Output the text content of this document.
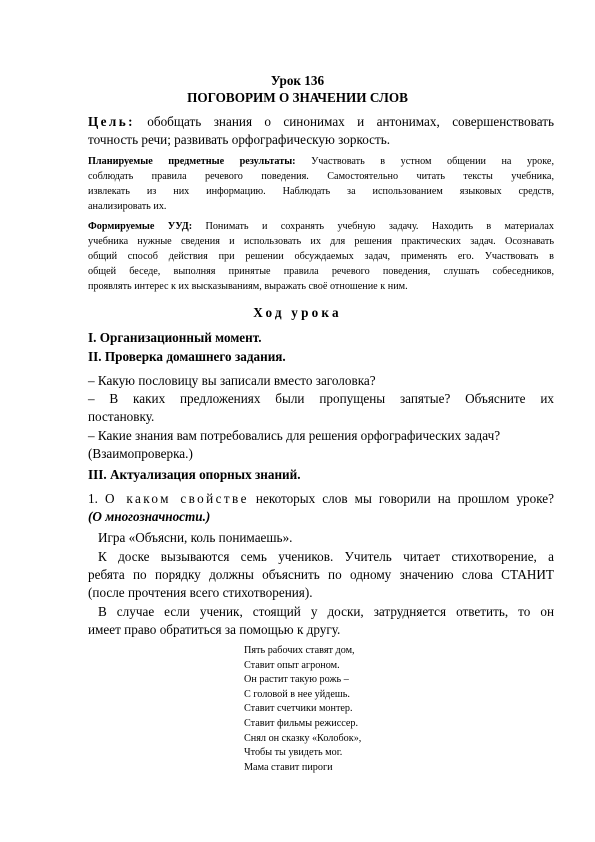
Урок 136
ПОГОВОРИМ О ЗНАЧЕНИИ СЛОВ
Цель: обобщать знания о синонимах и антонимах, совершенствовать
точность речи; развивать орфографическую зоркость.
Планируемые предметные результаты: Участвовать в устном общении на уроке,
соблюдать правила речевого поведения. Самостоятельно читать тексты учебника,
извлекать из них информацию. Наблюдать за использованием языковых средств,
анализировать их.
Формируемые УУД: Понимать и сохранять учебную задачу. Находить в материалах
учебника нужные сведения и использовать их для решения практических задач. Осознавать
общий способ действия при решении обсуждаемых задач, применять его. Участвовать в
общей беседе, выполняя принятые правила речевого поведения, слушать собеседников,
проявлять интерес к их высказываниям, выражать своё отношение к ним.
Ход урока
I. Организационный момент.
II. Проверка домашнего задания.
– Какую пословицу вы записали вместо заголовка?
– В каких предложениях были пропущены запятые? Объясните их
постановку.
– Какие знания вам потребовались для решения орфографических задач?
(Взаимопроверка.)
III. Актуализация опорных знаний.
1. О каком свойстве некоторых слов мы говорили на прошлом уроке?
(О многозначности.)
Игра «Объясни, коль понимаешь».
К доске вызываются семь учеников. Учитель читает стихотворение, а
ребята по порядку должны объяснить по одному значению слова СТАНИТ
(после прочтения всего стихотворения).
В случае если ученик, стоящий у доски, затрудняется ответить, то он
имеет право обратиться за помощью к другу.
Пять рабочих ставят дом,
Ставит опыт агроном.
Он растит такую рожь –
С головой в нее уйдешь.
Ставит счетчики монтер.
Ставит фильмы режиссер.
Снял он сказку «Колобок»,
Чтобы ты увидеть мог.
Мама ставит пироги
